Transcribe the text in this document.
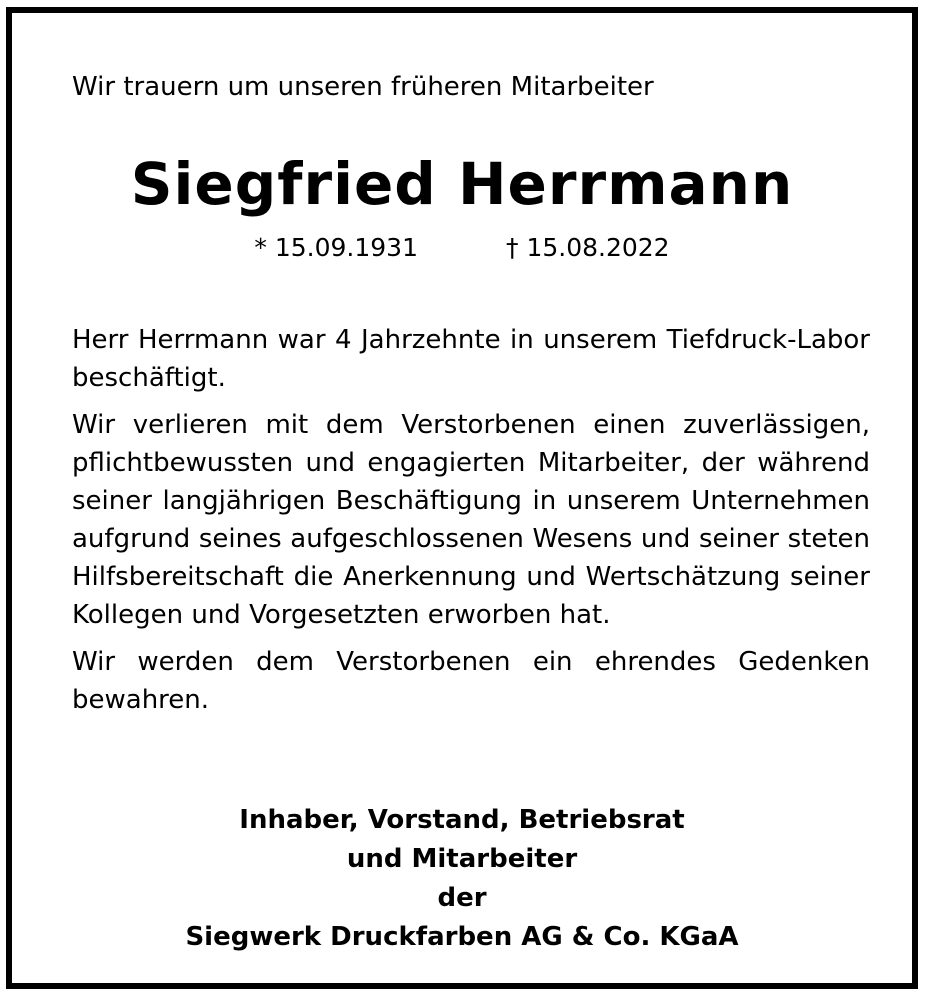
Wir trauern um unseren früheren Mitarbeiter
Siegfried Herrmann
* 15.09.1931	† 15.08.2022

Herr Herrmann war 4 Jahrzehnte in unserem Tiefdruck-Labor beschäftigt.

Wir verlieren mit dem Verstorbenen einen zuverlässigen, pflichtbewussten und engagierten Mitarbeiter, der während seiner langjährigen Beschäftigung in unserem Unternehmen aufgrund seines aufgeschlossenen Wesens und seiner steten Hilfsbereitschaft die Anerkennung und Wertschätzung seiner Kollegen und Vorgesetzten erworben hat.

Wir werden dem Verstorbenen ein ehrendes Gedenken bewahren.

Inhaber, Vorstand, Betriebsrat
und Mitarbeiter
der
Siegwerk Druckfarben AG & Co. KGaA
